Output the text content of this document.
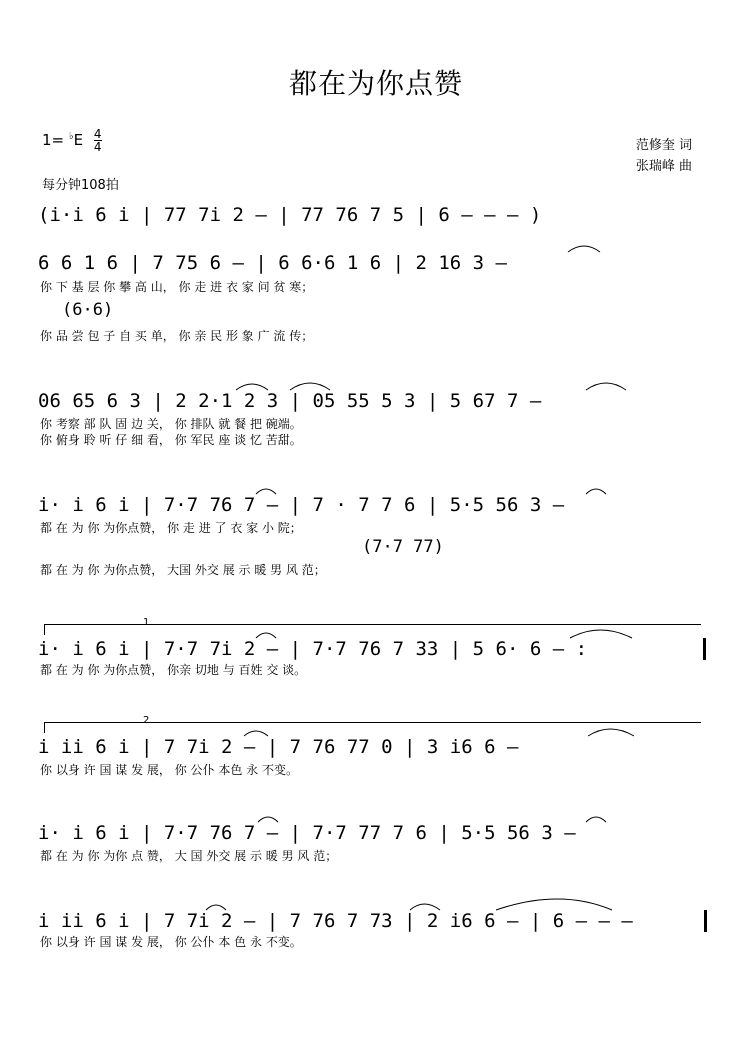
都在为你点赞
$1= ^♭E \frac{4}{4}$
每分钟108拍
范修奎 词
张瑞峰 曲
(i·i 6 i | 77 7i 2 – | 77 76 7 5 | 6 – – – )
6 6 1 6 | 7 75 6 – | 6 6·6 1 6 | 2 16 3 –
你 下 基 层 你 攀 高 山， 你 走 进 衣 家 问 贫 寒；
(6·6)
你 品 尝 包 子 自 买 单， 你 亲 民 形 象 广 流 传；
06 65 6 3 | 2 2·1 2 3 | 05 55 5 3 | 5 67 7 –
你 考察 部 队 固 边 关， 你 排队 就 餐 把 碗端。
你 俯身 聆 听 仔 细 看， 你 军民 座 谈 忆 苦甜。
i· i 6 i | 7·7 76 7 – | 7 · 7 7 6 | 5·5 56 3 –
都 在 为 你 为你点赞， 你 走 进 了 衣 家 小 院；
(7·7 77)
都 在 为 你 为你点赞， 大国 外交 展 示 暖 男 风 范；
1
i· i 6 i | 7·7 7i 2 – | 7·7 76 7 33 | 5 6· 6 – :
都 在 为 你 为你点赞， 你亲 切地 与 百姓 交 谈。
2
i ii 6 i | 7 7i 2 – | 7 76 77 0 | 3 i6 6 –
你 以身 许 国 谋 发 展， 你 公仆 本色 永 不变。
i· i 6 i | 7·7 76 7 – | 7·7 77 7 6 | 5·5 56 3 –
都 在 为 你 为你 点 赞， 大 国 外交 展 示 暖 男 风 范；
i ii 6 i | 7 7i 2 – | 7 76 7 73 | 2 i6 6 – | 6 – – –
你 以身 许 国 谋 发 展， 你 公仆 本 色 永 不变。
